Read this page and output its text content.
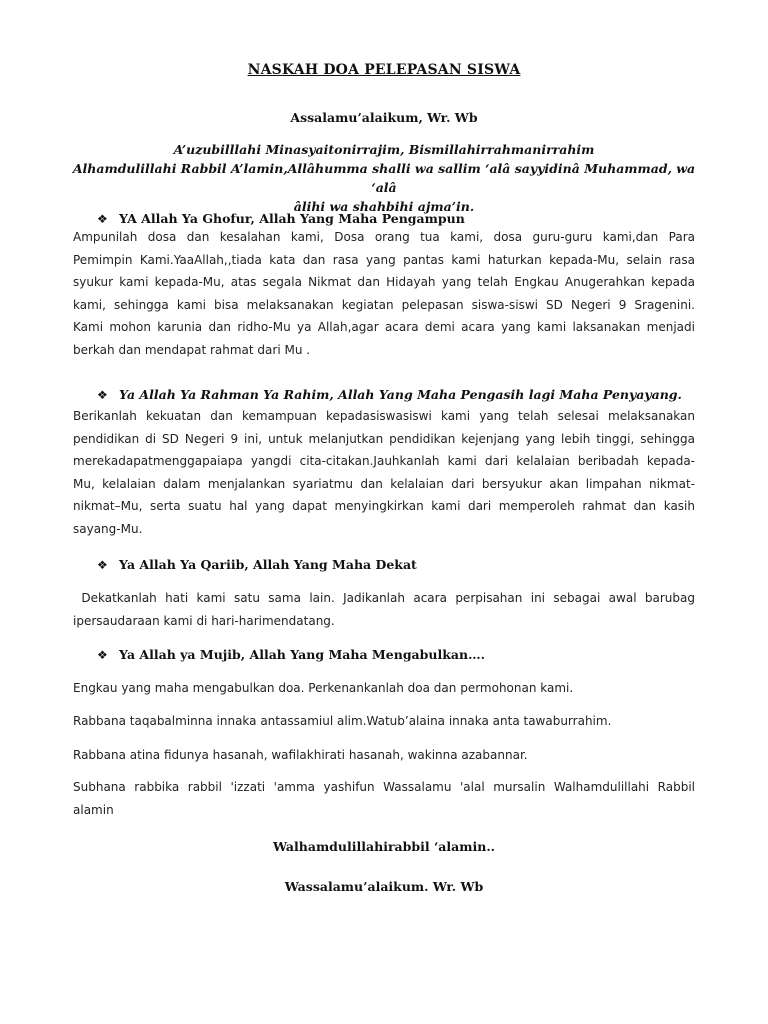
NASKAH DOA PELEPASAN SISWA
Assalamu’alaikum, Wr. Wb
A’uzubilllahi Minasyaitonirrajim, Bismillahirrahmanirrahim
Alhamdulillahi Rabbil A’lamin,Allâhumma shalli wa sallim ‘alâ sayyidinâ Muhammad, wa ‘alâ
âlihi wa shahbihi ajma’in.
❖ YA Allah Ya Ghofur, Allah Yang Maha Pengampun
Ampunilah dosa dan kesalahan kami, Dosa orang tua kami, dosa guru-guru kami,dan Para
Pemimpin Kami.YaaAllah,,tiada kata dan rasa yang pantas kami haturkan kepada-Mu, selain rasa
syukur kami kepada-Mu, atas segala Nikmat dan Hidayah yang telah Engkau Anugerahkan kepada
kami, sehingga kami bisa melaksanakan kegiatan pelepasan siswa-siswi SD Negeri 9 Sragenini.
Kami mohon karunia dan ridho-Mu ya Allah,agar acara demi acara yang kami laksanakan menjadi
berkah dan mendapat rahmat dari Mu .
❖ Ya Allah Ya Rahman Ya Rahim, Allah Yang Maha Pengasih lagi Maha Penyayang.
Berikanlah kekuatan dan kemampuan kepadasiswasiswi kami yang telah selesai melaksanakan
pendidikan di SD Negeri 9 ini, untuk melanjutkan pendidikan kejenjang yang lebih tinggi, sehingga
merekadapatmenggapaiapa yangdi cita-citakan.Jauhkanlah kami dari kelalaian beribadah kepada-
Mu, kelalaian dalam menjalankan syariatmu dan kelalaian dari bersyukur akan limpahan nikmat-
nikmat–Mu, serta suatu hal yang dapat menyingkirkan kami dari memperoleh rahmat dan kasih
sayang-Mu.
❖ Ya Allah Ya Qariib, Allah Yang Maha Dekat
Dekatkanlah hati kami satu sama lain. Jadikanlah acara perpisahan ini sebagai awal barubag
ipersaudaraan kami di hari-harimendatang.
❖ Ya Allah ya Mujib, Allah Yang Maha Mengabulkan….
Engkau yang maha mengabulkan doa. Perkenankanlah doa dan permohonan kami.
Rabbana taqabalminna innaka antassamiul alim.Watub’alaina innaka anta tawaburrahim.
Rabbana atina fidunya hasanah, wafilakhirati hasanah, wakinna azabannar.
Subhana rabbika rabbil 'izzati 'amma yashifun Wassalamu 'alal mursalin Walhamdulillahi Rabbil
alamin
Walhamdulillahirabbil ‘alamin..
Wassalamu’alaikum. Wr. Wb
